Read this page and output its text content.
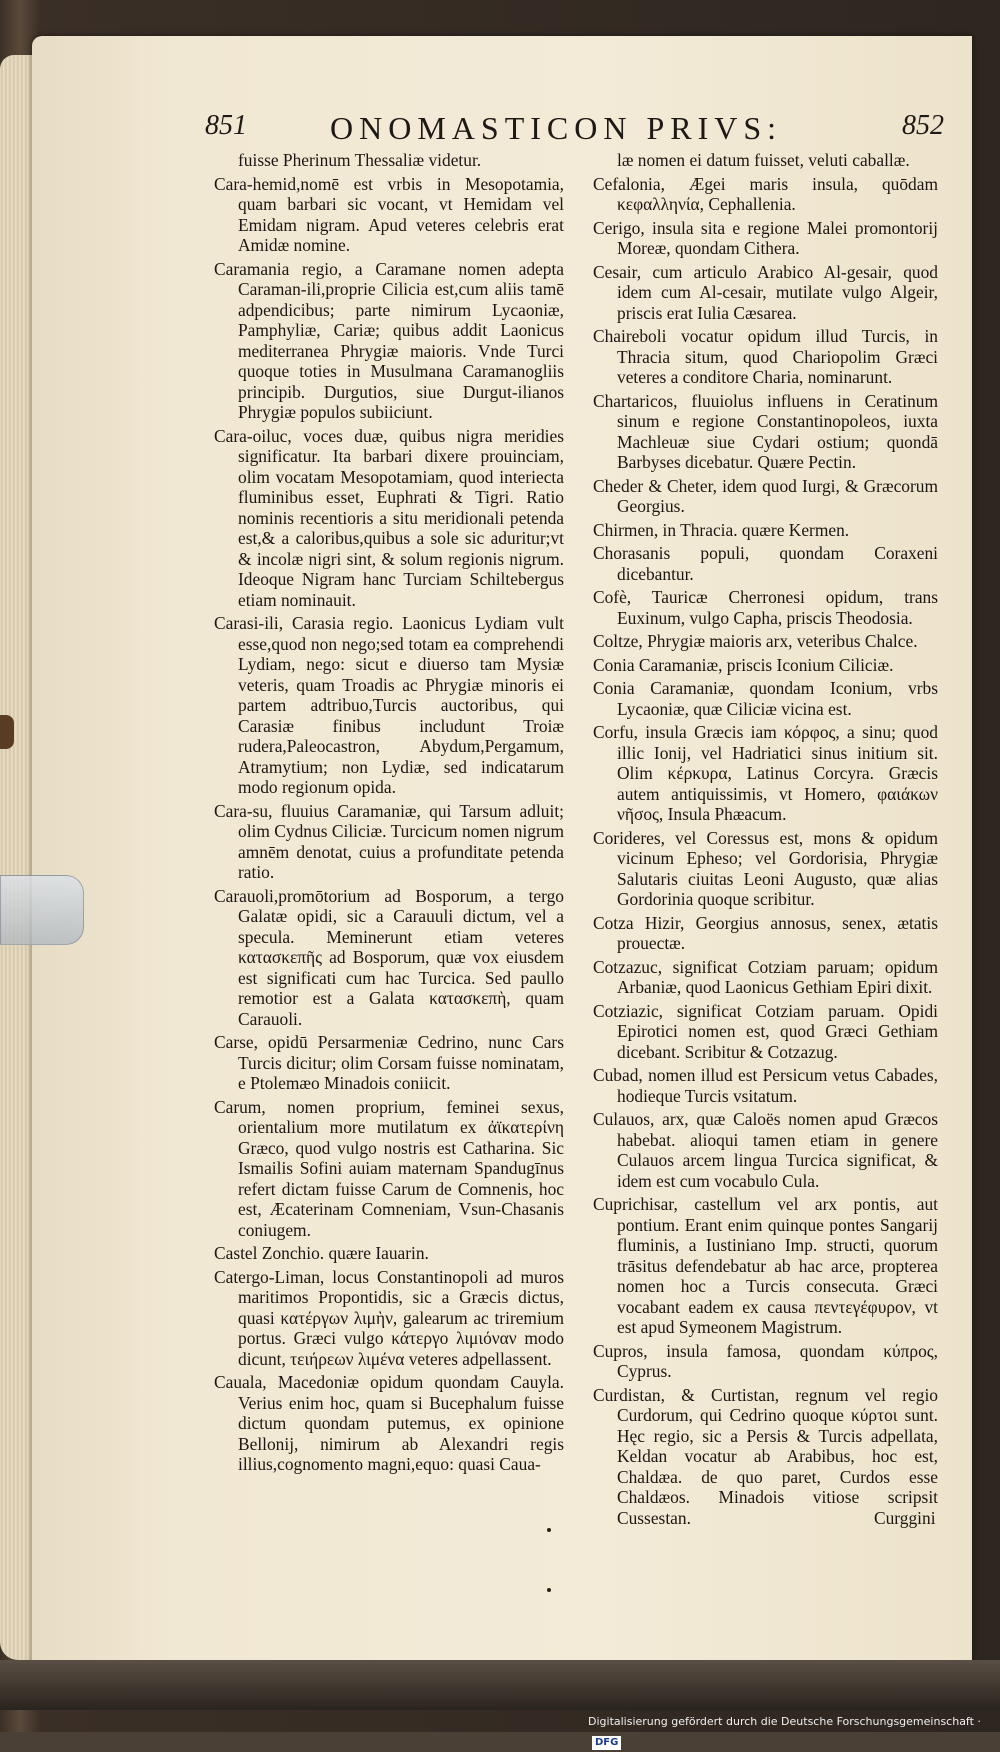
851	ONOMASTICON PRIVS:	852
fuisse Pherinum Thessaliæ videtur.
Cara-hemid,nomē est vrbis in Mesopotamia, quam barbari sic vocant, vt Hemidam vel Emidam nigram. Apud veteres celebris erat Amidæ nomine.
Caramania regio, a Caramane nomen adepta Caraman-ili,proprie Cilicia est,cum aliis tamē adpendicibus; parte nimirum Lycaoniæ, Pamphyliæ, Cariæ; quibus addit Laonicus mediterranea Phrygiæ maioris. Vnde Turci quoque toties in Musulmana Caramanogliis principib. Durgutios, siue Durgut-ilianos Phrygiæ populos subiiciunt.
Cara-oiluc, voces duæ, quibus nigra meridies significatur. Ita barbari dixere prouinciam, olim vocatam Mesopotamiam, quod interiecta fluminibus esset, Euphrati & Tigri. Ratio nominis recentioris a situ meridionali petenda est,& a caloribus,quibus a sole sic aduritur;vt & incolæ nigri sint, & solum regionis nigrum. Ideoque Nigram hanc Turciam Schiltebergus etiam nominauit.
Carasi-ili, Carasia regio. Laonicus Lydiam vult esse,quod non nego;sed totam ea comprehendi Lydiam, nego: sicut e diuerso tam Mysiæ veteris, quam Troadis ac Phrygiæ minoris ei partem adtribuo,Turcis auctoribus, qui Carasiæ finibus includunt Troiæ rudera,Paleocastron, Abydum,Pergamum, Atramytium; non Lydiæ, sed indicatarum modo regionum opida.
Cara-su, fluuius Caramaniæ, qui Tarsum adluit; olim Cydnus Ciliciæ. Turcicum nomen nigrum amnēm denotat, cuius a profunditate petenda ratio.
Carauoli,promōtorium ad Bosporum, a tergo Galatæ opidi, sic a Carauuli dictum, vel a specula. Meminerunt etiam veteres κατασκεπῆς ad Bosporum, quæ vox eiusdem est significati cum hac Turcica. Sed paullo remotior est a Galata κατασκεπὴ, quam Carauoli.
Carse, opidū Persarmeniæ Cedrino, nunc Cars Turcis dicitur; olim Corsam fuisse nominatam, e Ptolemæo Minadois coniicit.
Carum, nomen proprium, feminei sexus, orientalium more mutilatum ex ἀϊκατερίνη Græco, quod vulgo nostris est Catharina. Sic Ismailis Sofini auiam maternam Spandugīnus refert dictam fuisse Carum de Comnenis, hoc est, Æcaterinam Comneniam, Vsun-Chasanis coniugem.
Castel Zonchio. quære Iauarin.
Catergo-Liman, locus Constantinopoli ad muros maritimos Propontidis, sic a Græcis dictus, quasi κατέργων λιμὴν, galearum ac triremium portus. Græci vulgo κάτεργο λιμιόναν modo dicunt, τειήρεων λιμένα veteres adpellassent.
Cauala, Macedoniæ opidum quondam Cauyla. Verius enim hoc, quam si Bucephalum fuisse dictum quondam putemus, ex opinione Bellonij, nimirum ab Alexandri regis illius,cognomento magni,equo: quasi Caua-
læ nomen ei datum fuisset, veluti caballæ.
Cefalonia, Ægei maris insula, quōdam κεφαλληνία, Cephallenia.
Cerigo, insula sita e regione Malei promontorij Moreæ, quondam Cithera.
Cesair, cum articulo Arabico Al-gesair, quod idem cum Al-cesair, mutilate vulgo Algeir, priscis erat Iulia Cæsarea.
Chaireboli vocatur opidum illud Turcis, in Thracia situm, quod Chariopolim Græci veteres a conditore Charia, nominarunt.
Chartaricos, fluuiolus influens in Ceratinum sinum e regione Constantinopoleos, iuxta Machleuæ siue Cydari ostium; quondā Barbyses dicebatur. Quære Pectin.
Cheder & Cheter, idem quod Iurgi, & Græcorum Georgius.
Chirmen, in Thracia. quære Kermen.
Chorasanis populi, quondam Coraxeni dicebantur.
Cofè, Tauricæ Cherronesi opidum, trans Euxinum, vulgo Capha, priscis Theodosia.
Coltze, Phrygiæ maioris arx, veteribus Chalce.
Conia Caramaniæ, priscis Iconium Ciliciæ.
Conia Caramaniæ, quondam Iconium, vrbs Lycaoniæ, quæ Ciliciæ vicina est.
Corfu, insula Græcis iam κόρφος, a sinu; quod illic Ionij, vel Hadriatici sinus initium sit. Olim κέρκυρα, Latinus Corcyra. Græcis autem antiquissimis, vt Homero, φαιάκων νῆσος, Insula Phæacum.
Corideres, vel Coressus est, mons & opidum vicinum Epheso; vel Gordorisia, Phrygiæ Salutaris ciuitas Leoni Augusto, quæ alias Gordorinia quoque scribitur.
Cotza Hizir, Georgius annosus, senex, ætatis prouectæ.
Cotzazuc, significat Cotziam paruam; opidum Arbaniæ, quod Laonicus Gethiam Epiri dixit.
Cotziazic, significat Cotziam paruam. Opidi Epirotici nomen est, quod Græci Gethiam dicebant. Scribitur & Cotzazug.
Cubad, nomen illud est Persicum vetus Cabades, hodieque Turcis vsitatum.
Culauos, arx, quæ Caloës nomen apud Græcos habebat. alioqui tamen etiam in genere Culauos arcem lingua Turcica significat, & idem est cum vocabulo Cula.
Cuprichisar, castellum vel arx pontis, aut pontium. Erant enim quinque pontes Sangarij fluminis, a Iustiniano Imp. structi, quorum trāsitus defendebatur ab hac arce, propterea nomen hoc a Turcis consecuta. Græci vocabant eadem ex causa πεντεγέφυρον, vt est apud Symeonem Magistrum.
Cupros, insula famosa, quondam κύπρος, Cyprus.
Curdistan, & Curtistan, regnum vel regio Curdorum, qui Cedrino quoque κύρτοι sunt. Hęc regio, sic a Persis & Turcis adpellata, Keldan vocatur ab Arabibus, hoc est, Chaldæa. de quo paret, Curdos esse Chaldæos. Minadois vitiose scripsit Cussestan.	Curggini
Digitalisierung gefördert durch die Deutsche Forschungsgemeinschaft · DFG
